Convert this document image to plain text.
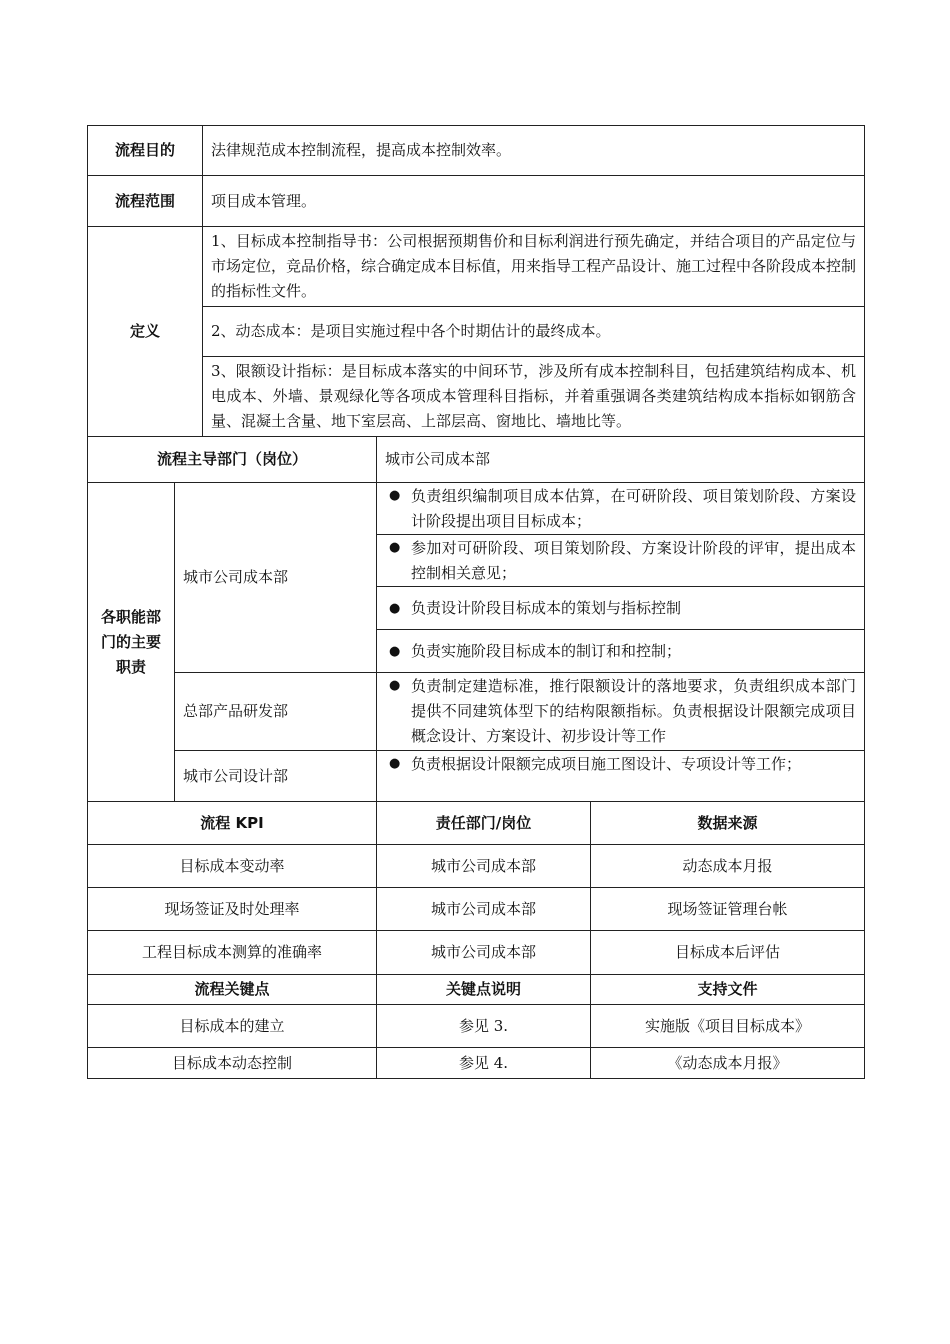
流程目的	法律规范成本控制流程，提高成本控制效率。
流程范围	项目成本管理。
定义	1、目标成本控制指导书：公司根据预期售价和目标利润进行预先确定，并结合项目的产品定位与市场定位，竞品价格，综合确定成本目标值，用来指导工程产品设计、施工过程中各阶段成本控制的指标性文件。
	2、动态成本：是项目实施过程中各个时期估计的最终成本。
	3、限额设计指标：是目标成本落实的中间环节，涉及所有成本控制科目，包括建筑结构成本、机电成本、外墙、景观绿化等各项成本管理科目指标，并着重强调各类建筑结构成本指标如钢筋含量、混凝土含量、地下室层高、上部层高、窗地比、墙地比等。
流程主导部门（岗位）	城市公司成本部
各职能部门的主要职责	城市公司成本部	● 负责组织编制项目成本估算，在可研阶段、项目策划阶段、方案设计阶段提出项目目标成本；

		● 参加对可研阶段、项目策划阶段、方案设计阶段的评审，提出成本控制相关意见；

		● 负责设计阶段目标成本的策划与指标控制

		● 负责实施阶段目标成本的制订和和控制；
	总部产品研发部	● 负责制定建造标准，推行限额设计的落地要求，负责组织成本部门提供不同建筑体型下的结构限额指标。负责根据设计限额完成项目概念设计、方案设计、初步设计等工作
	城市公司设计部	● 负责根据设计限额完成项目施工图设计、专项设计等工作；
流程 KPI	责任部门/岗位	数据来源
目标成本变动率	城市公司成本部	动态成本月报
现场签证及时处理率	城市公司成本部	现场签证管理台帐
工程目标成本测算的准确率	城市公司成本部	目标成本后评估
流程关键点	关键点说明	支持文件
目标成本的建立	参见 3.	实施版《项目目标成本》
目标成本动态控制	参见 4.	《动态成本月报》
